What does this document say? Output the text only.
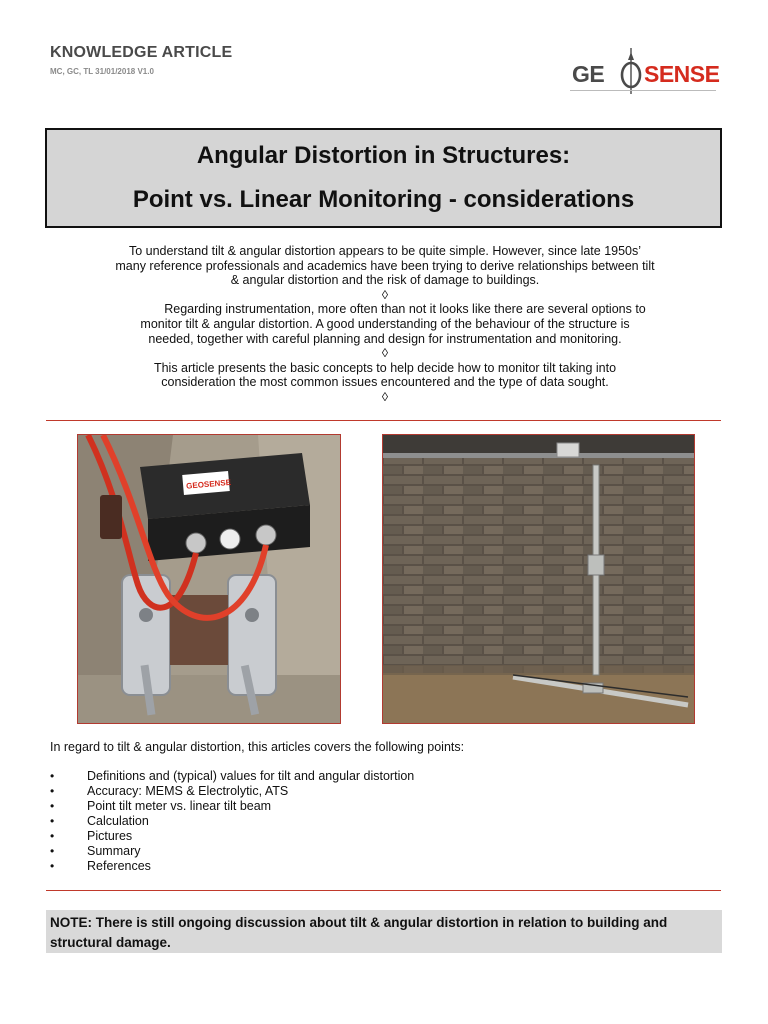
KNOWLEDGE ARTICLE
MC, GC, TL 31/01/2018 V1.0	GE SENSE
Angular Distortion in Structures:
Point vs. Linear Monitoring - considerations
To understand tilt & angular distortion appears to be quite simple. However, since late 1950s’
many reference professionals and academics have been trying to derive relationships between tilt
& angular distortion and the risk of damage to buildings.
◊
Regarding instrumentation, more often than not it looks like there are several options to
monitor tilt & angular distortion. A good understanding of the behaviour of the structure is
needed, together with careful planning and design for instrumentation and monitoring.
◊
This article presents the basic concepts to help decide how to monitor tilt taking into
consideration the most common issues encountered and the type of data sought.
◊
GEOSENSE
In regard to tilt & angular distortion, this articles covers the following points:
•	Definitions and (typical) values for tilt and angular distortion
•	Accuracy: MEMS & Electrolytic, ATS
•	Point tilt meter vs. linear tilt beam
•	Calculation
•	Pictures
•	Summary
•	References
NOTE: There is still ongoing discussion about tilt & angular distortion in relation to building and structural damage.
